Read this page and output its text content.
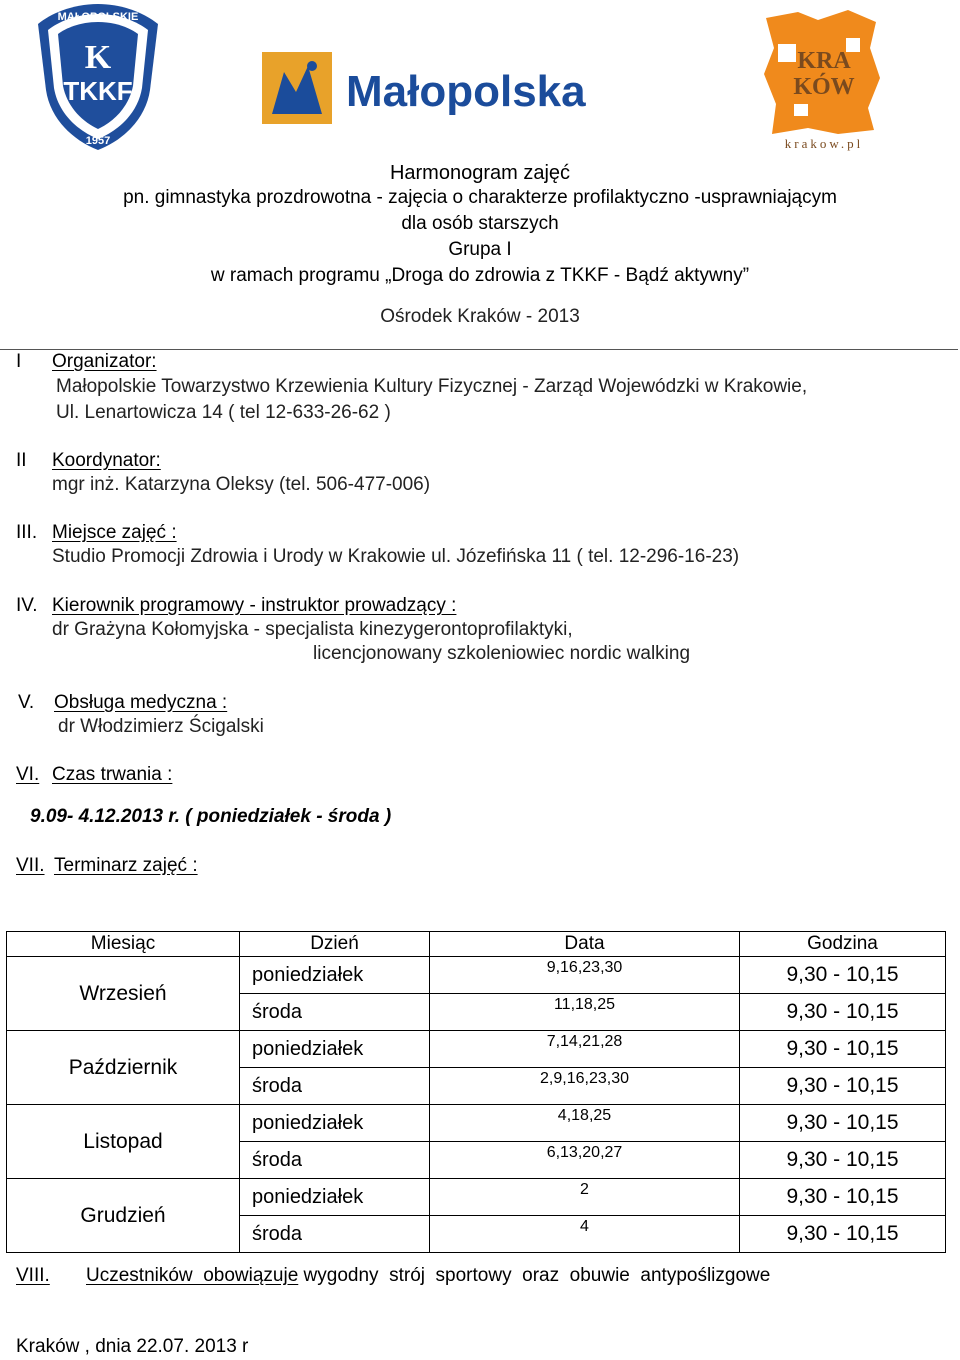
MAŁOPOLSKIE
K
TKKF
1957
Małopolska
KRA
KÓW
krakow.pl
Harmonogram zajęć
pn. gimnastyka prozdrowotna - zajęcia o charakterze profilaktyczno -usprawniającym
dla osób starszych
Grupa I
w ramach programu „Droga do zdrowia z TKKF - Bądź aktywny”
Ośrodek Kraków - 2013
I Organizator:
Małopolskie Towarzystwo Krzewienia Kultury Fizycznej - Zarząd Wojewódzki w Krakowie,
Ul. Lenartowicza 14 ( tel 12-633-26-62 )
II Koordynator:
mgr inż. Katarzyna Oleksy (tel. 506-477-006)
III. Miejsce zajęć :
Studio Promocji Zdrowia i Urody w Krakowie ul. Józefińska 11 ( tel. 12-296-16-23)
IV. Kierownik programowy - instruktor prowadzący :
dr Grażyna Kołomyjska - specjalista kinezygerontoprofilaktyki,
licencjonowany szkoleniowiec nordic walking
V. Obsługa medyczna :
dr Włodzimierz Ścigalski
VI. Czas trwania :
9.09- 4.12.2013 r. ( poniedziałek - środa )
VII. Terminarz zajęć :
Miesiąc	Dzień	Data	Godzina
Wrzesień	poniedziałek	9,16,23,30	9,30 - 10,15
	środa	11,18,25	9,30 - 10,15
Październik	poniedziałek	7,14,21,28	9,30 - 10,15
	środa	2,9,16,23,30	9,30 - 10,15
Listopad	poniedziałek	4,18,25	9,30 - 10,15
	środa	6,13,20,27	9,30 - 10,15
Grudzień	poniedziałek	2	9,30 - 10,15
	środa	4	9,30 - 10,15
VIII. Uczestników  obowiązuje wygodny  strój  sportowy  oraz  obuwie  antypoślizgowe
Kraków , dnia 22.07. 2013 r
